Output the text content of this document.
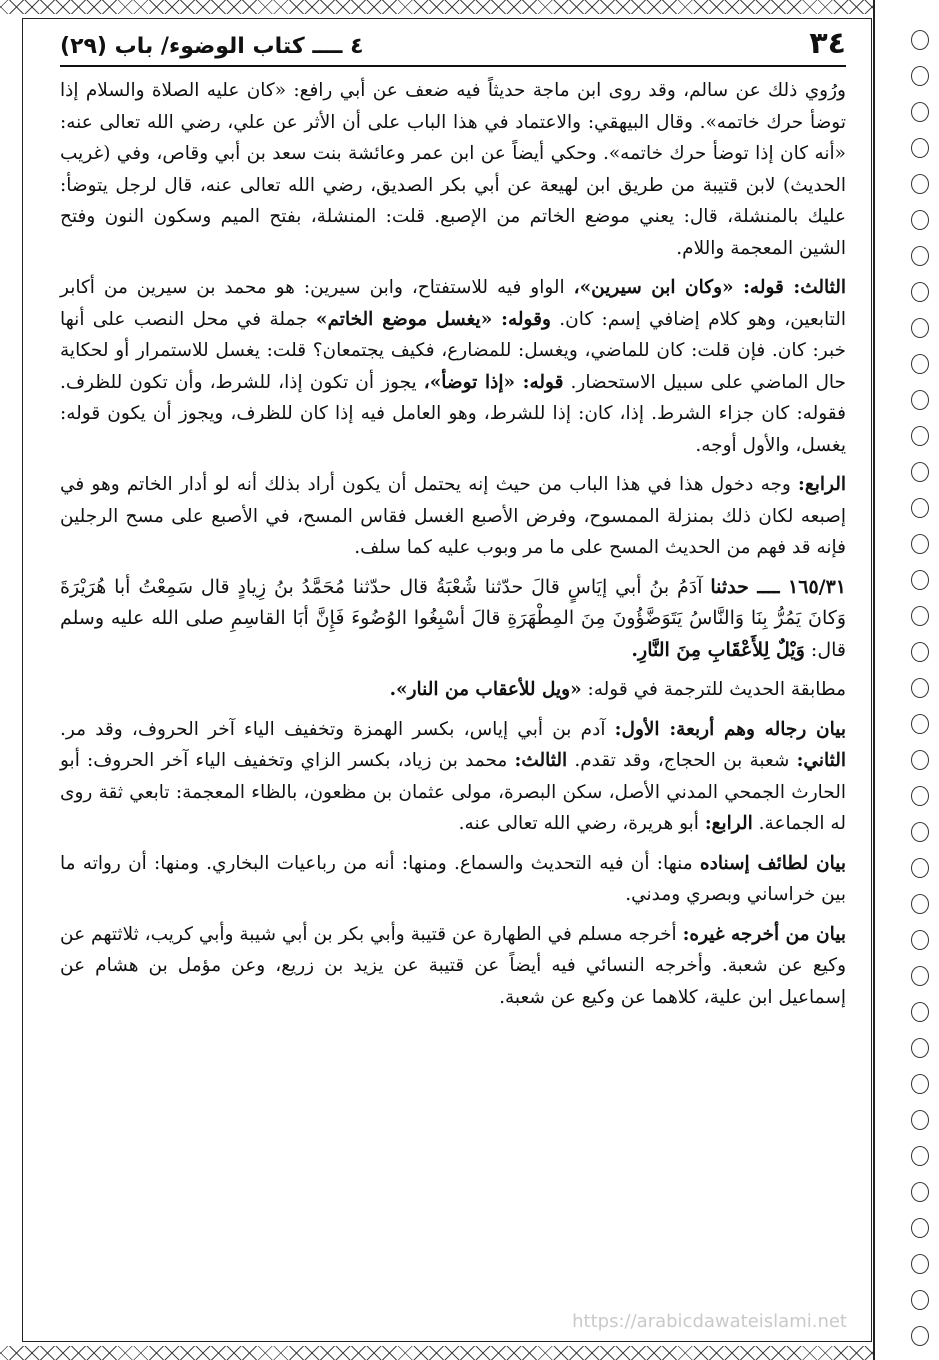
٣٤
٤ ــــ كتاب الوضوء/ باب (٢٩)

ورُوي ذلك عن سالم، وقد روى ابن ماجة حديثاً فيه ضعف عن أبي رافع: «كان عليه الصلاة والسلام إذا توضأ حرك خاتمه». وقال البيهقي: والاعتماد في هذا الباب على أن الأثر عن علي، رضي الله تعالى عنه: «أنه كان إذا توضأ حرك خاتمه». وحكي أيضاً عن ابن عمر وعائشة بنت سعد بن أبي وقاص، وفي (غريب الحديث) لابن قتيبة من طريق ابن لهيعة عن أبي بكر الصديق، رضي الله تعالى عنه، قال لرجل يتوضأ: عليك بالمنشلة، قال: يعني موضع الخاتم من الإصبع. قلت: المنشلة، بفتح الميم وسكون النون وفتح الشين المعجمة واللام.

الثالث: قوله: «وكان ابن سيرين»، الواو فيه للاستفتاح، وابن سيرين: هو محمد بن سيرين من أكابر التابعين، وهو كلام إضافي إسم: كان. وقوله: «يغسل موضع الخاتم» جملة في محل النصب على أنها خبر: كان. فإن قلت: كان للماضي، ويغسل: للمضارع، فكيف يجتمعان؟ قلت: يغسل للاستمرار أو لحكاية حال الماضي على سبيل الاستحضار. قوله: «إذا توضأ»، يجوز أن تكون إذا، للشرط، وأن تكون للظرف. فقوله: كان جزاء الشرط. إذا، كان: إذا للشرط، وهو العامل فيه إذا كان للظرف، ويجوز أن يكون قوله: يغسل، والأول أوجه.

الرابع: وجه دخول هذا في هذا الباب من حيث إنه يحتمل أن يكون أراد بذلك أنه لو أدار الخاتم وهو في إصبعه لكان ذلك بمنزلة الممسوح، وفرض الأصبع الغسل فقاس المسح، في الأصبع على مسح الرجلين فإنه قد فهم من الحديث المسح على ما مر وبوب عليه كما سلف.

١٦٥/٣١ ــــ حدثنا آدَمُ بنُ أبي إيَاسٍ قالَ حدّثنا شُعْبَةُ قال حدّثنا مُحَمَّدُ بنُ زِيادٍ قال سَمِعْتُ أبا هُرَيْرَةَ وَكانَ يَمُرُّ بِنَا وَالنَّاسُ يَتَوَضَّؤُونَ مِنَ المِطْهَرَةِ قالَ أسْبِغُوا الوُضُوءَ فَإِنَّ أبَا القاسِمِ صلى الله عليه وسلم قال: وَيْلٌ لِلأَعْقَابِ مِنَ النَّارِ.

مطابقة الحديث للترجمة في قوله: «ويل للأعقاب من النار».

بيان رجاله وهم أربعة: الأول: آدم بن أبي إياس، بكسر الهمزة وتخفيف الياء آخر الحروف، وقد مر. الثاني: شعبة بن الحجاج، وقد تقدم. الثالث: محمد بن زياد، بكسر الزاي وتخفيف الياء آخر الحروف: أبو الحارث الجمحي المدني الأصل، سكن البصرة، مولى عثمان بن مظعون، بالظاء المعجمة: تابعي ثقة روى له الجماعة. الرابع: أبو هريرة، رضي الله تعالى عنه.

بيان لطائف إسناده منها: أن فيه التحديث والسماع. ومنها: أنه من رباعيات البخاري. ومنها: أن رواته ما بين خراساني وبصري ومدني.

بيان من أخرجه غيره: أخرجه مسلم في الطهارة عن قتيبة وأبي بكر بن أبي شيبة وأبي كريب، ثلاثتهم عن وكيع عن شعبة. وأخرجه النسائي فيه أيضاً عن قتيبة عن يزيد بن زريع، وعن مؤمل بن هشام عن إسماعيل ابن علية، كلاهما عن وكيع عن شعبة.

https://arabicdawateislami.net
